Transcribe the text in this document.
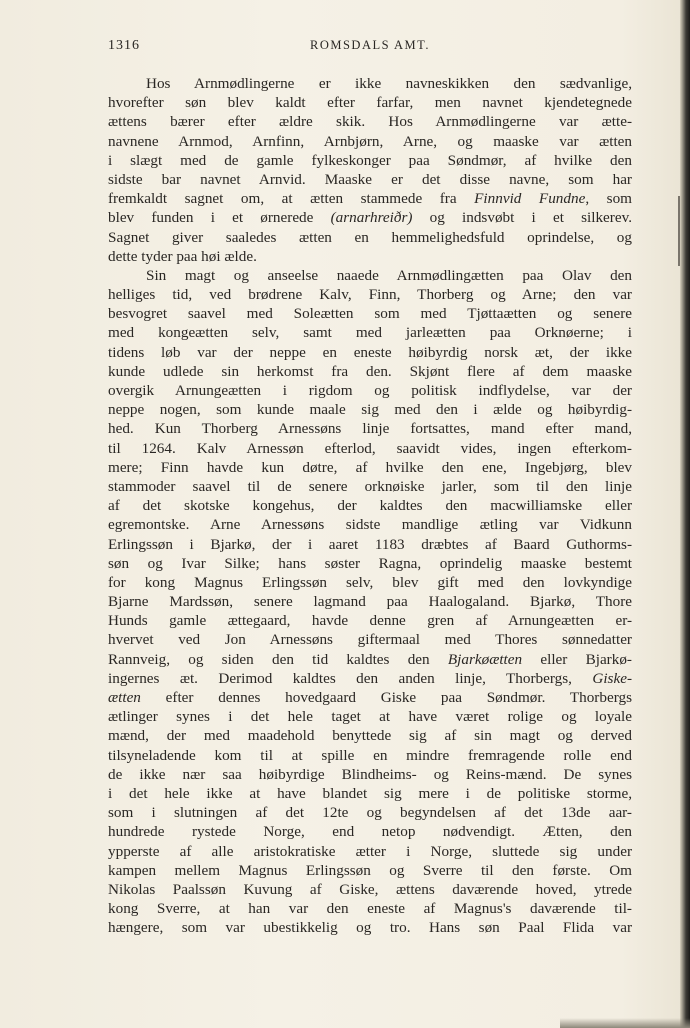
1316	ROMSDALS AMT.
Hos Arnmødlingerne er ikke navneskikken den sædvanlige,
hvorefter søn blev kaldt efter farfar, men navnet kjendetegnede
ættens bærer efter ældre skik. Hos Arnmødlingerne var ætte-
navnene Arnmod, Arnfinn, Arnbjørn, Arne, og maaske var ætten
i slægt med de gamle fylkeskonger paa Søndmør, af hvilke den
sidste bar navnet Arnvid. Maaske er det disse navne, som har
fremkaldt sagnet om, at ætten stammede fra Finnvid Fundne, som
blev funden i et ørnerede (arnarhreiðr) og indsvøbt i et silkerev.
Sagnet giver saaledes ætten en hemmelighedsfuld oprindelse, og
dette tyder paa høi ælde.
Sin magt og anseelse naaede Arnmødlingætten paa Olav den
helliges tid, ved brødrene Kalv, Finn, Thorberg og Arne; den var
besvogret saavel med Soleætten som med Tjøttaætten og senere
med kongeætten selv, samt med jarleætten paa Orknøerne; i
tidens løb var der neppe en eneste høibyrdig norsk æt, der ikke
kunde udlede sin herkomst fra den. Skjønt flere af dem maaske
overgik Arnungeætten i rigdom og politisk indflydelse, var der
neppe nogen, som kunde maale sig med den i ælde og høibyrdig-
hed. Kun Thorberg Arnessøns linje fortsattes, mand efter mand,
til 1264. Kalv Arnessøn efterlod, saavidt vides, ingen efterkom-
mere; Finn havde kun døtre, af hvilke den ene, Ingebjørg, blev
stammoder saavel til de senere orknøiske jarler, som til den linje
af det skotske kongehus, der kaldtes den macwilliamske eller
egremontske. Arne Arnessøns sidste mandlige ætling var Vidkunn
Erlingssøn i Bjarkø, der i aaret 1183 dræbtes af Baard Guthorms-
søn og Ivar Silke; hans søster Ragna, oprindelig maaske bestemt
for kong Magnus Erlingssøn selv, blev gift med den lovkyndige
Bjarne Mardssøn, senere lagmand paa Haalogaland. Bjarkø, Thore
Hunds gamle ættegaard, havde denne gren af Arnungeætten er-
hvervet ved Jon Arnessøns giftermaal med Thores sønnedatter
Rannveig, og siden den tid kaldtes den Bjarkøætten eller Bjarkø-
ingernes æt. Derimod kaldtes den anden linje, Thorbergs, Giske-
ætten efter dennes hovedgaard Giske paa Søndmør. Thorbergs
ætlinger synes i det hele taget at have været rolige og loyale
mænd, der med maadehold benyttede sig af sin magt og derved
tilsyneladende kom til at spille en mindre fremragende rolle end
de ikke nær saa høibyrdige Blindheims- og Reins-mænd. De synes
i det hele ikke at have blandet sig mere i de politiske storme,
som i slutningen af det 12te og begyndelsen af det 13de aar-
hundrede rystede Norge, end netop nødvendigt. Ætten, den
ypperste af alle aristokratiske ætter i Norge, sluttede sig under
kampen mellem Magnus Erlingssøn og Sverre til den første. Om
Nikolas Paalssøn Kuvung af Giske, ættens daværende hoved, ytrede
kong Sverre, at han var den eneste af Magnus's daværende til-
hængere, som var ubestikkelig og tro. Hans søn Paal Flida var
